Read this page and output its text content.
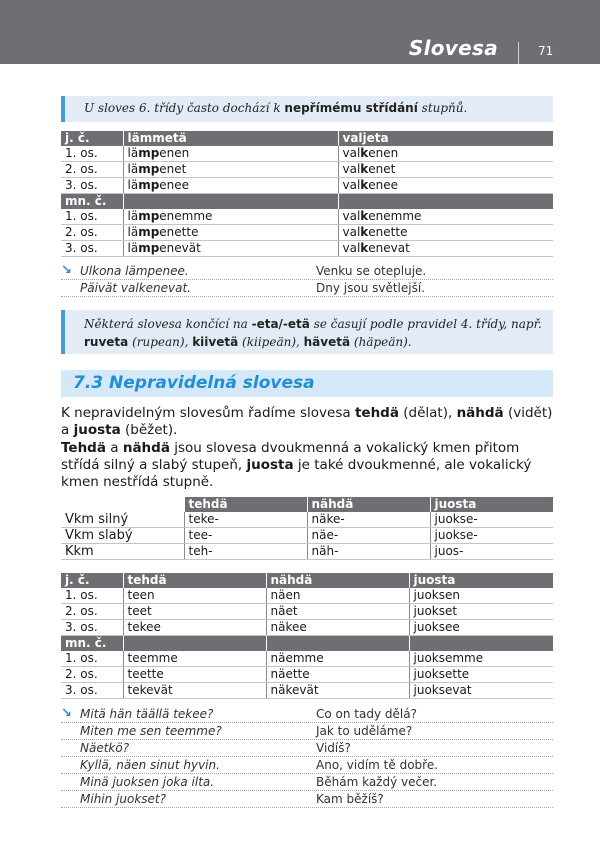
Slovesa	71
U sloves 6. třídy často dochází k nepřímému střídání stupňů.
j. č.	lämmetä	valjeta
1. os.	lämpenen	valkenen
2. os.	lämpenet	valkenet
3. os.	lämpenee	valkenee
mn. č.		
1. os.	lämpenemme	valkenemme
2. os.	lämpenette	valkenette
3. os.	lämpenevät	valkenevat
↘ Ulkona lämpenee.	Venku se otepluje.
Päivät valkenevat.	Dny jsou světlejší.
Některá slovesa končící na -eta/-etä se časují podle pravidel 4. třídy, např. ruveta (rupean), kiivetä (kiipeän), hävetä (häpeän).
7.3 Nepravidelná slovesa
K nepravidelným slovesům řadíme slovesa tehdä (dělat), nähdä (vidět) a juosta (běžet).
Tehdä a nähdä jsou slovesa dvoukmenná a vokalický kmen přitom střídá silný a slabý stupeň, juosta je také dvoukmenné, ale vokalický kmen nestřídá stupně.
	tehdä	nähdä	juosta
Vkm silný	teke-	näke-	juokse-
Vkm slabý	tee-	näe-	juokse-
Kkm	teh-	näh-	juos-
j. č.	tehdä	nähdä	juosta
1. os.	teen	näen	juoksen
2. os.	teet	näet	juokset
3. os.	tekee	näkee	juoksee
mn. č.			
1. os.	teemme	näemme	juoksemme
2. os.	teette	näette	juoksette
3. os.	tekevät	näkevät	juoksevat
↘ Mitä hän täällä tekee?	Co on tady dělá?
Miten me sen teemme?	Jak to uděláme?
Näetkö?	Vidíš?
Kyllä, näen sinut hyvin.	Ano, vidím tě dobře.
Minä juoksen joka ilta.	Běhám každý večer.
Mihin juokset?	Kam běžíš?
